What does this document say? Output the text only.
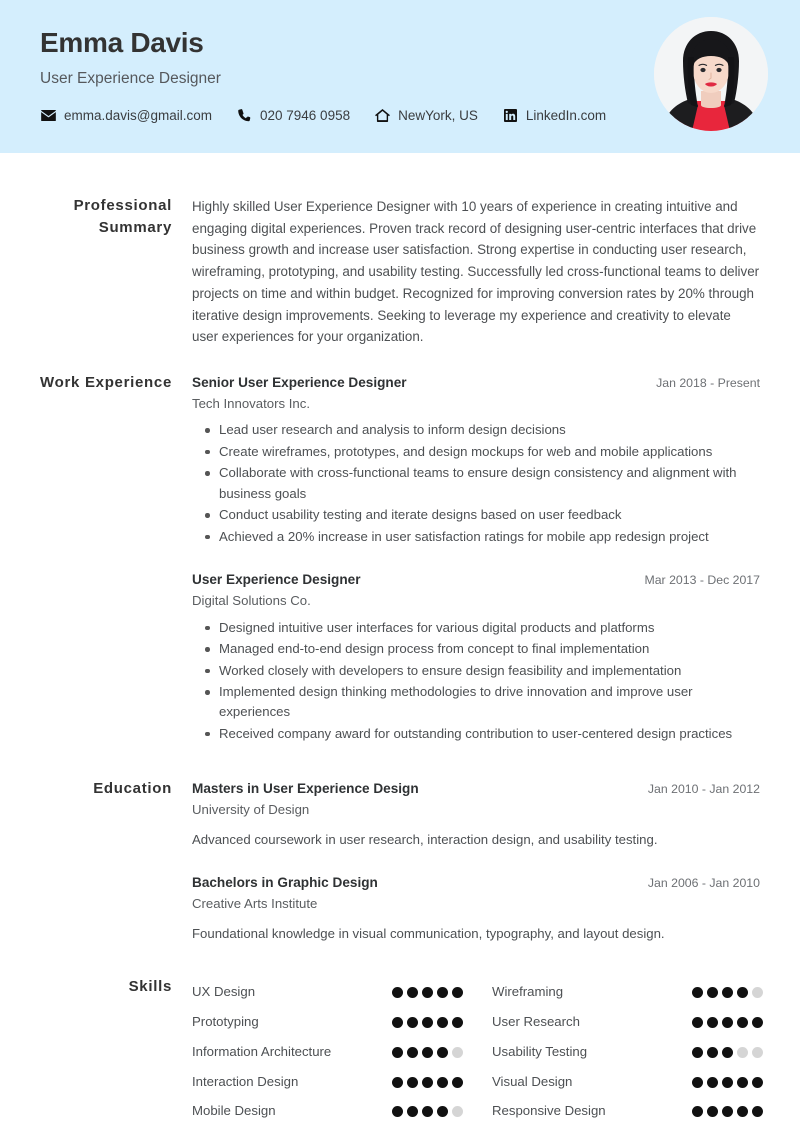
Emma Davis
User Experience Designer
emma.davis@gmail.com	020 7946 0958	NewYork, US	LinkedIn.com
Professional Summary
Highly skilled User Experience Designer with 10 years of experience in creating intuitive and engaging digital experiences. Proven track record of designing user-centric interfaces that drive business growth and increase user satisfaction. Strong expertise in conducting user research, wireframing, prototyping, and usability testing. Successfully led cross-functional teams to deliver projects on time and within budget. Recognized for improving conversion rates by 20% through iterative design improvements. Seeking to leverage my experience and creativity to elevate user experiences for your organization.
Work Experience	Senior User Experience Designer	Jan 2018 - Present
Tech Innovators Inc.
Lead user research and analysis to inform design decisions
Create wireframes, prototypes, and design mockups for web and mobile applications
Collaborate with cross-functional teams to ensure design consistency and alignment with business goals
Conduct usability testing and iterate designs based on user feedback
Achieved a 20% increase in user satisfaction ratings for mobile app redesign project
User Experience Designer	Mar 2013 - Dec 2017
Digital Solutions Co.
Designed intuitive user interfaces for various digital products and platforms
Managed end-to-end design process from concept to final implementation
Worked closely with developers to ensure design feasibility and implementation
Implemented design thinking methodologies to drive innovation and improve user experiences
Received company award for outstanding contribution to user-centered design practices
Education	Masters in User Experience Design	Jan 2010 - Jan 2012
University of Design
Advanced coursework in user research, interaction design, and usability testing.
Bachelors in Graphic Design	Jan 2006 - Jan 2010
Creative Arts Institute
Foundational knowledge in visual communication, typography, and layout design.
Skills	UX Design	Wireframing
Prototyping	User Research
Information Architecture	Usability Testing
Interaction Design	Visual Design
Mobile Design	Responsive Design
